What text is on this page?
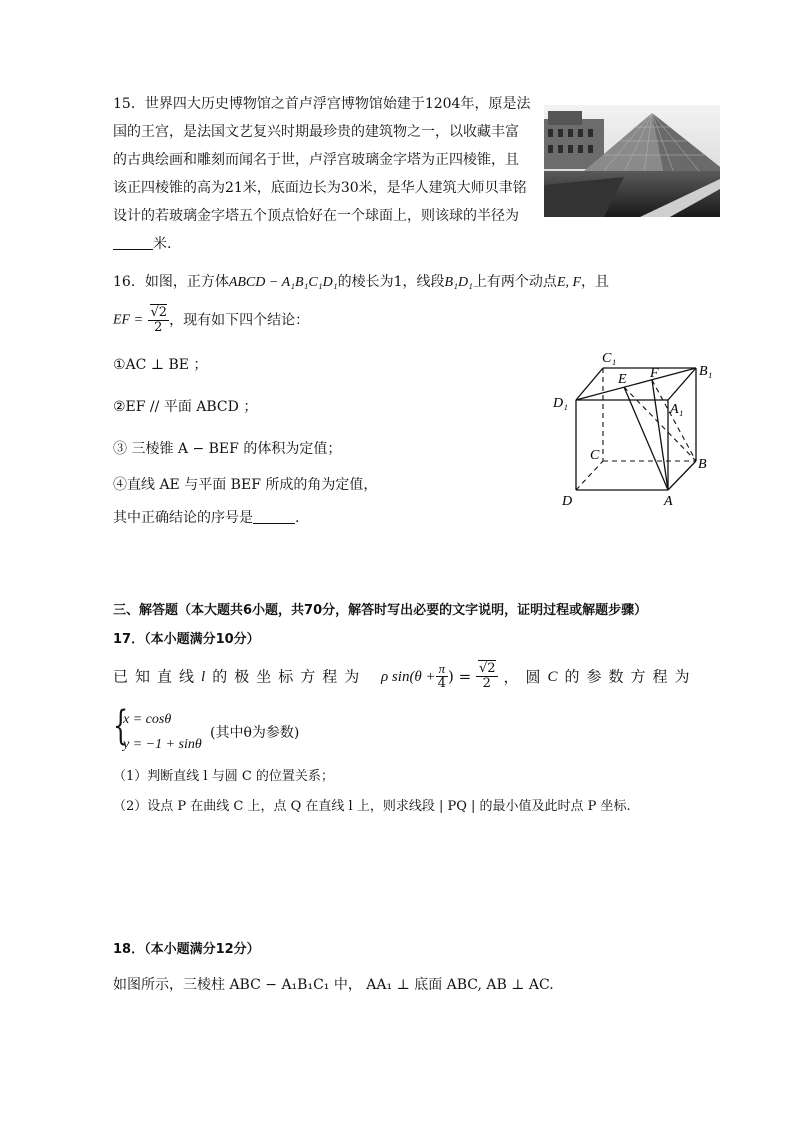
15．世界四大历史博物馆之首卢浮宫博物馆始建于1204年，原是法
国的王宫，是法国文艺复兴时期最珍贵的建筑物之一，以收藏丰富
的古典绘画和雕刻而闻名于世，卢浮宫玻璃金字塔为正四棱锥，且
该正四棱锥的高为21米，底面边长为30米，是华人建筑大师贝聿铭
设计的若玻璃金字塔五个顶点恰好在一个球面上，则该球的半径为
米.
16．如图，正方体ABCD − A₁B₁C₁D₁的棱长为1，线段B₁D₁上有两个动点E, F，且
EF = $\frac{√2}{2}$ ，现有如下四个结论：
①AC ⊥ BE ；
②EF // 平面 ABCD ；
③ 三棱锥 A − BEF 的体积为定值；
④直线 AE 与平面 BEF 所成的角为定值，
其中正确结论的序号是	.
C₁
B₁
D₁	A₁
E F
C
B
D	A
三、解答题（本大题共6小题，共70分，解答时写出必要的文字说明，证明过程或解题步骤）
17．（本小题满分10分）
已知直线l 的极坐标方程为 ρ $\sin(\theta + \frac{\pi}{4}$ ) = $\frac{√2}{2}$ ，圆C 的参数方程为
{
x = cosθ
y = −1 + sinθ
(其中θ为参数)
（1）判断直线 l 与圆 C 的位置关系；
（2）设点 P 在曲线 C 上，点 Q 在直线 l 上，则求线段 | PQ | 的最小值及此时点 P 坐标.
18．（本小题满分12分）
如图所示，三棱柱 ABC − A₁B₁C₁ 中， AA₁ ⊥ 底面 ABC, AB ⊥ AC.
